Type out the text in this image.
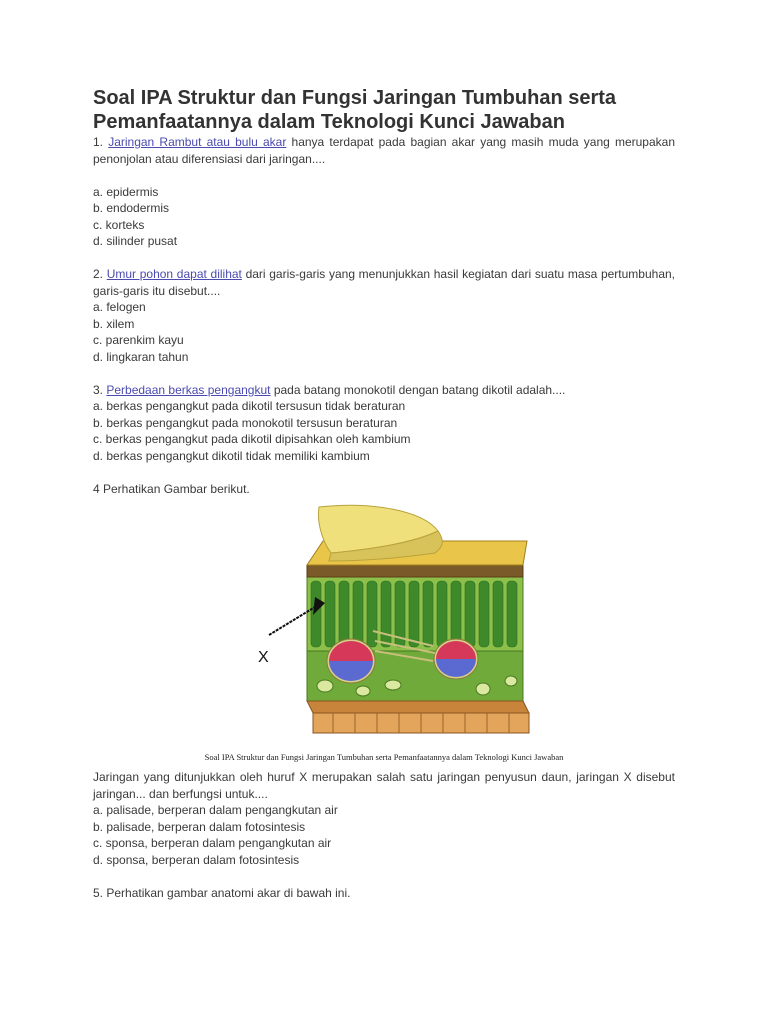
Soal IPA Struktur dan Fungsi Jaringan Tumbuhan serta Pemanfaatannya dalam Teknologi Kunci Jawaban

1. Jaringan Rambut atau bulu akar hanya terdapat pada bagian akar yang masih muda yang merupakan penonjolan atau diferensiasi dari jaringan....

a. epidermis
b. endodermis
c. korteks
d. silinder pusat

2. Umur pohon dapat dilihat dari garis-garis yang menunjukkan hasil kegiatan dari suatu masa pertumbuhan, garis-garis itu disebut....

a. felogen
b. xilem
c. parenkim kayu
d. lingkaran tahun

3. Perbedaan berkas pengangkut pada batang monokotil dengan batang dikotil adalah....

a. berkas pengangkut pada dikotil tersusun tidak beraturan
b. berkas pengangkut pada monokotil tersusun beraturan
c. berkas pengangkut pada dikotil dipisahkan oleh kambium
d. berkas pengangkut dikotil tidak memiliki kambium
4 Perhatikan Gambar berikut.
X
Soal IPA Struktur dan Fungsi Jaringan Tumbuhan serta Pemanfaatannya dalam Teknologi Kunci Jawaban

Jaringan yang ditunjukkan oleh huruf X merupakan salah satu jaringan penyusun daun, jaringan X disebut jaringan... dan berfungsi untuk....

a. palisade, berperan dalam pengangkutan air
b. palisade, berperan dalam fotosintesis
c. sponsa, berperan dalam pengangkutan air
d. sponsa, berperan dalam fotosintesis
5. Perhatikan gambar anatomi akar di bawah ini.
